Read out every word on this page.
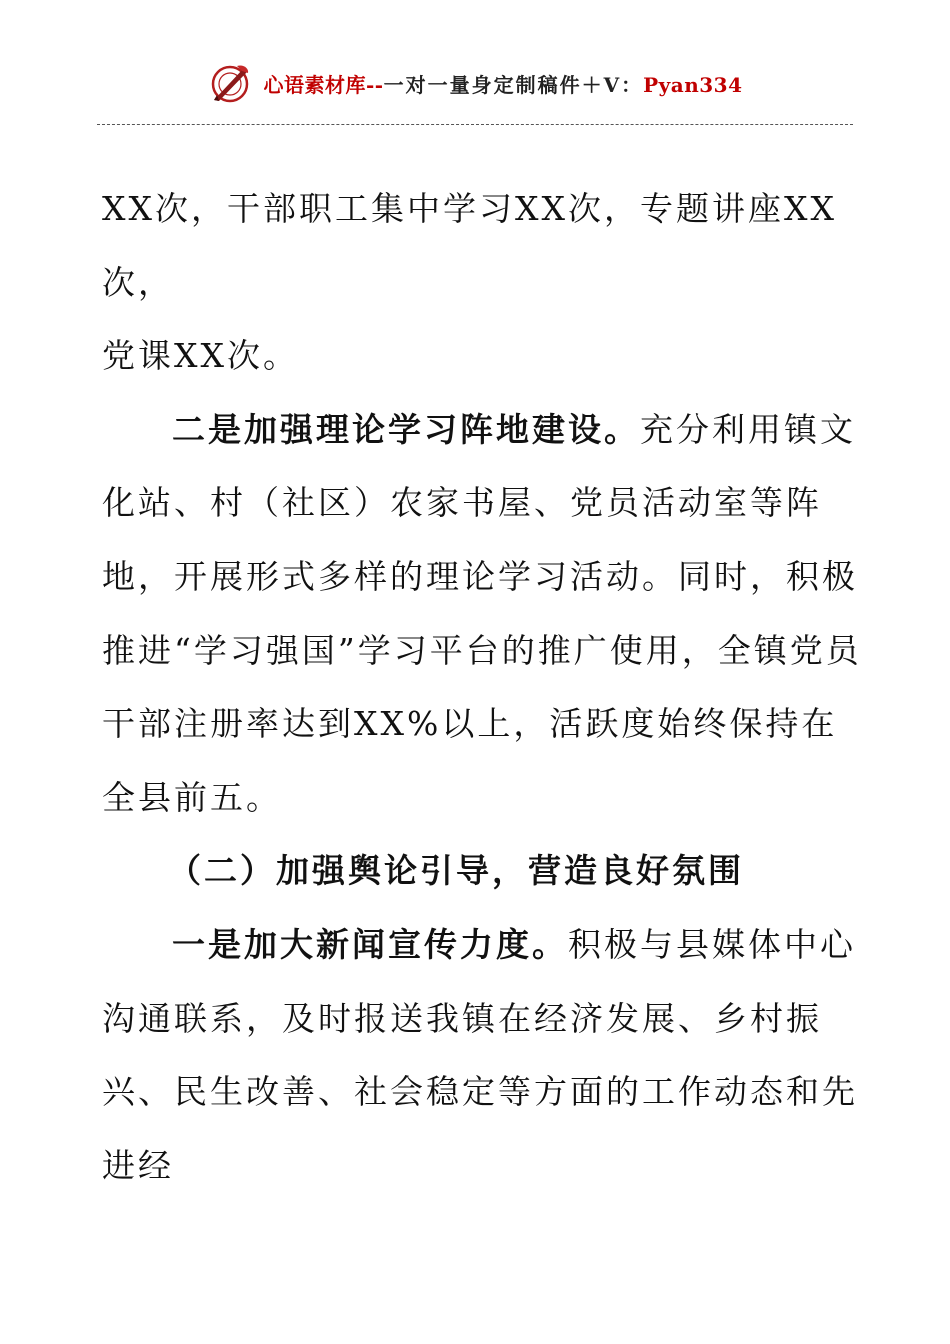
心语素材库--一对一量身定制稿件＋V：Pyan334

XX次，干部职工集中学习XX次，专题讲座XX次，
党课XX次。

二是加强理论学习阵地建设。充分利用镇文化站、村（社区）农家书屋、党员活动室等阵地，开展形式多样的理论学习活动。同时，积极推进“学习强国”学习平台的推广使用，全镇党员干部注册率达到XX%以上，活跃度始终保持在全县前五。

（二）加强舆论引导，营造良好氛围

一是加大新闻宣传力度。积极与县媒体中心沟通联系，及时报送我镇在经济发展、乡村振兴、民生改善、社会稳定等方面的工作动态和先进经
